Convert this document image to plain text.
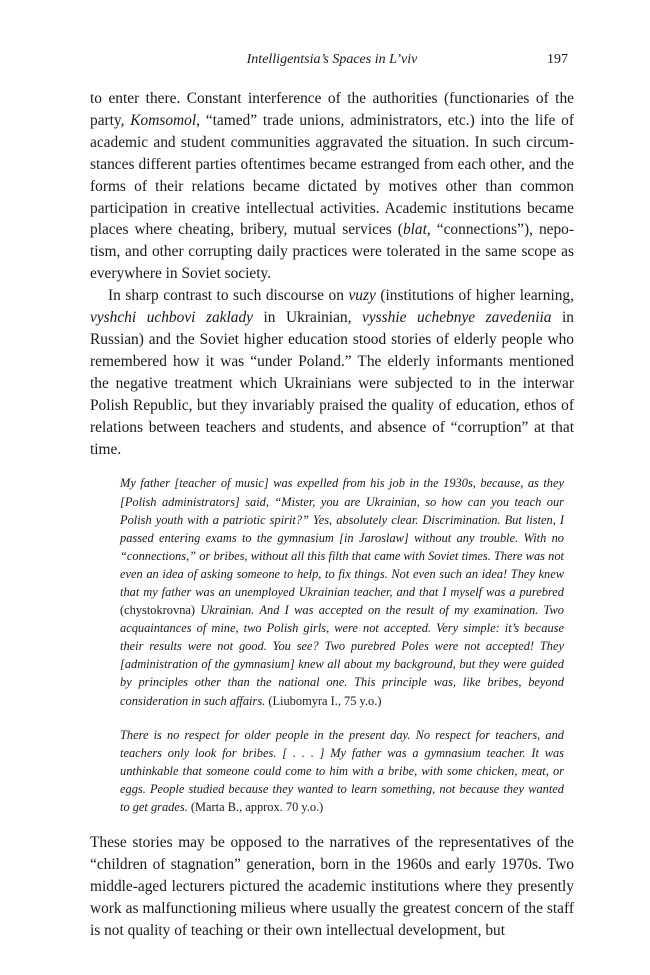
Intelligentsia’s Spaces in L’viv	197

to enter there. Constant interference of the authorities (functionaries of the party, Komsomol, “tamed” trade unions, administrators, etc.) into the life of academic and student communities aggravated the situation. In such circumstances different parties oftentimes became estranged from each other, and the forms of their relations became dictated by motives other than common participation in creative intellectual activities. Academic institutions became places where cheating, bribery, mutual services (blat, “connections”), nepotism, and other corrupting daily practices were tolerated in the same scope as everywhere in Soviet society.

In sharp contrast to such discourse on vuzy (institutions of higher learning, vyshchi uchbovi zaklady in Ukrainian, vysshie uchebnye zavedeniia in Russian) and the Soviet higher education stood stories of elderly people who remembered how it was “under Poland.” The elderly informants mentioned the negative treatment which Ukrainians were subjected to in the interwar Polish Republic, but they invariably praised the quality of education, ethos of relations between teachers and students, and absence of “corruption” at that time.

My father [teacher of music] was expelled from his job in the 1930s, because, as they [Polish administrators] said, “Mister, you are Ukrainian, so how can you teach our Polish youth with a patriotic spirit?” Yes, absolutely clear. Discrimination. But listen, I passed entering exams to the gymnasium [in Jaroslaw] without any trouble. With no “connections,” or bribes, without all this filth that came with Soviet times. There was not even an idea of asking someone to help, to fix things. Not even such an idea! They knew that my father was an unemployed Ukrainian teacher, and that I myself was a purebred (chystokrovna) Ukrainian. And I was accepted on the result of my examination. Two acquaintances of mine, two Polish girls, were not accepted. Very simple: it’s because their results were not good. You see? Two purebred Poles were not accepted! They [administration of the gymnasium] knew all about my background, but they were guided by principles other than the national one. This principle was, like bribes, beyond consideration in such affairs. (Liubomyra I., 75 y.o.)
There is no respect for older people in the present day. No respect for teachers, and teachers only look for bribes. [ . . . ] My father was a gymnasium teacher. It was unthinkable that someone could come to him with a bribe, with some chicken, meat, or eggs. People studied because they wanted to learn something, not because they wanted to get grades. (Marta B., approx. 70 y.o.)

These stories may be opposed to the narratives of the representatives of the “children of stagnation” generation, born in the 1960s and early 1970s. Two middle-aged lecturers pictured the academic institutions where they presently work as malfunctioning milieus where usually the greatest concern of the staff is not quality of teaching or their own intellectual development, but
